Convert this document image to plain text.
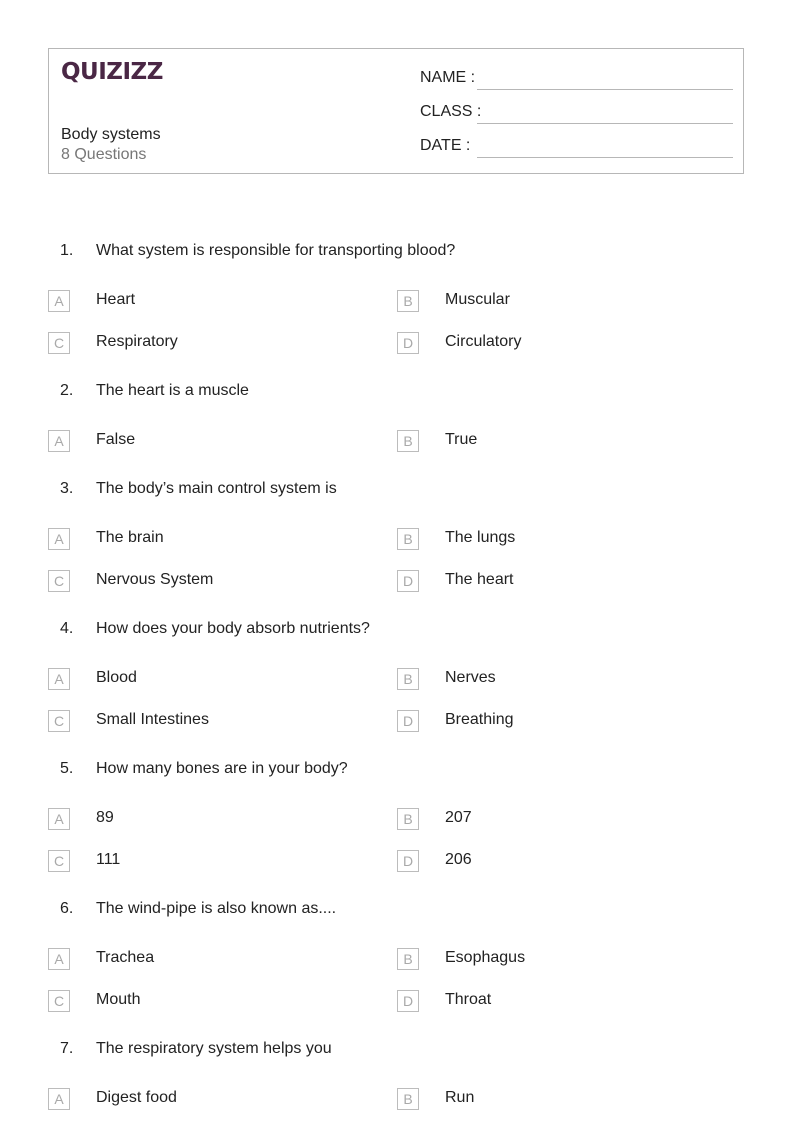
QUIZIZZ
Body systems
8 Questions
NAME :
CLASS :
DATE :
1. What system is responsible for transporting blood?
A	Heart	B	Muscular
C	Respiratory	D	Circulatory
2. The heart is a muscle
A	False	B	True
3. The body’s main control system is
A	The brain	B	The lungs
C	Nervous System	D	The heart
4. How does your body absorb nutrients?
A	Blood	B	Nerves
C	Small Intestines	D	Breathing
5. How many bones are in your body?
A	89	B	207
C	111	D	206
6. The wind-pipe is also known as....
A	Trachea	B	Esophagus
C	Mouth	D	Throat
7. The respiratory system helps you
A	Digest food	B	Run
